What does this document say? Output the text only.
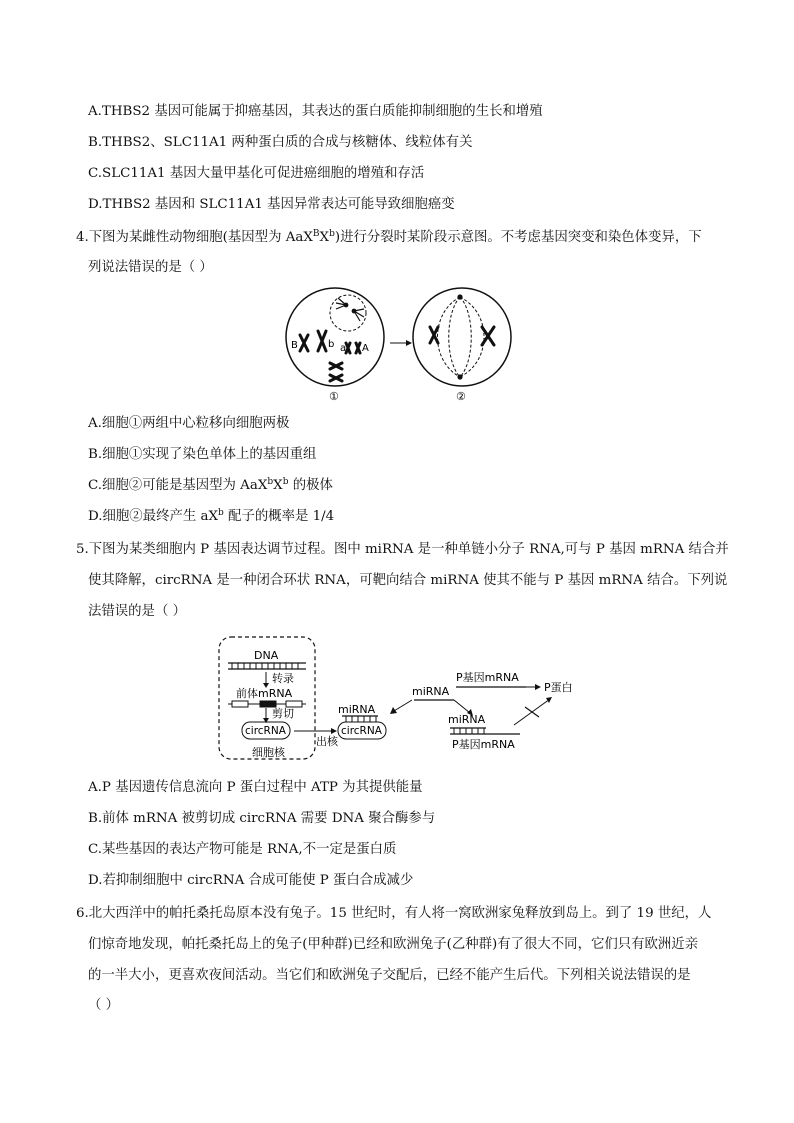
A.THBS2 基因可能属于抑癌基因，其表达的蛋白质能抑制细胞的生长和增殖
B.THBS2、SLC11A1 两种蛋白质的合成与核糖体、线粒体有关
C.SLC11A1 基因大量甲基化可促进癌细胞的增殖和存活
D.THBS2 基因和 SLC11A1 基因异常表达可能导致细胞癌变
4.下图为某雌性动物细胞(基因型为 $AaX^BX^b$)进行分裂时某阶段示意图。不考虑基因突变和染色体变异，下
列说法错误的是（ ）
B	b a A
①	②
A.细胞①两组中心粒移向细胞两极
B.细胞①实现了染色单体上的基因重组
C.细胞②可能是基因型为 $AaX^bX^b$ 的极体
D.细胞②最终产生 $aX^b$ 配子的概率是 1/4
5.下图为某类细胞内 P 基因表达调节过程。图中 miRNA 是一种单链小分子 RNA,可与 P 基因 mRNA 结合并
使其降解，circRNA 是一种闭合环状 RNA，可靶向结合 miRNA 使其不能与 P 基因 mRNA 结合。下列说
法错误的是（ ）
DNA
转录
前体mRNA
剪切
circRNA
细胞核
出核
miRNA
circRNA
miRNA
P基因mRNA
P蛋白
miRNA
P基因mRNA
A.P 基因遗传信息流向 P 蛋白过程中 ATP 为其提供能量
B.前体 mRNA 被剪切成 circRNA 需要 DNA 聚合酶参与
C.某些基因的表达产物可能是 RNA,不一定是蛋白质
D.若抑制细胞中 circRNA 合成可能使 P 蛋白合成减少
6.北大西洋中的帕托桑托岛原本没有兔子。15 世纪时，有人将一窝欧洲家兔释放到岛上。到了 19 世纪，人
们惊奇地发现，帕托桑托岛上的兔子(甲种群)已经和欧洲兔子(乙种群)有了很大不同，它们只有欧洲近亲
的一半大小，更喜欢夜间活动。当它们和欧洲兔子交配后，已经不能产生后代。下列相关说法错误的是
（ ）
